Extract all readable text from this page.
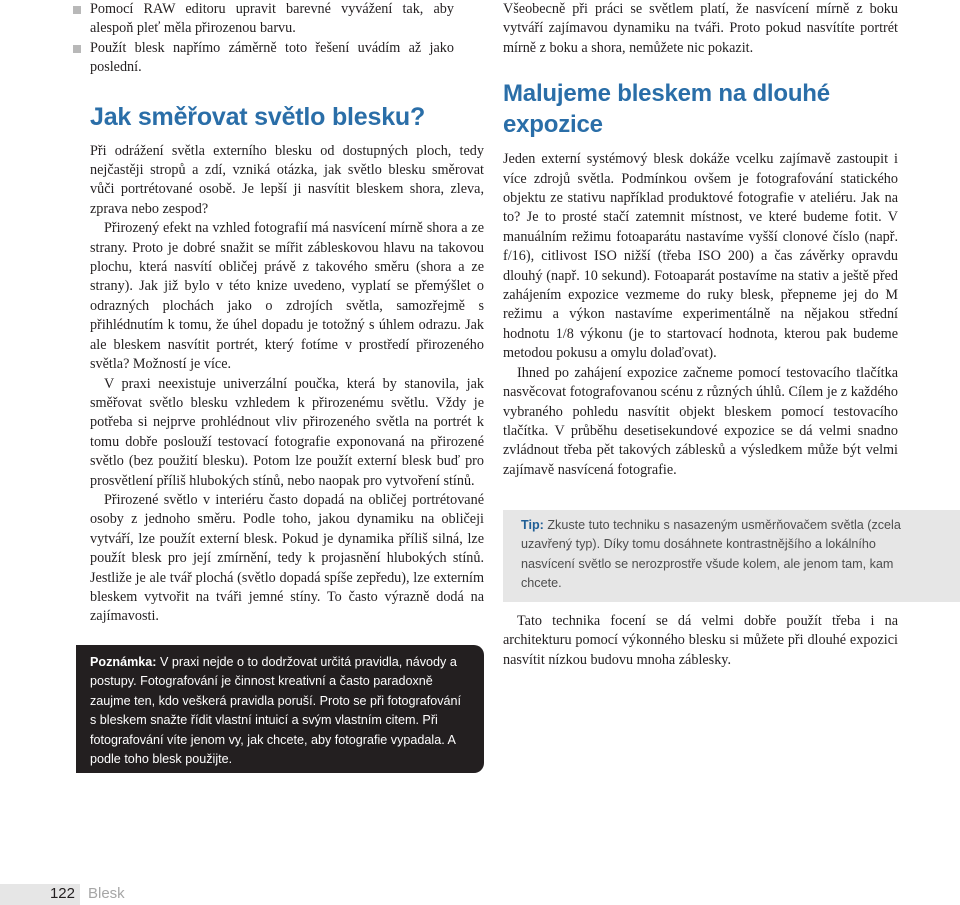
Pomocí RAW editoru upravit barevné vyvážení tak, aby alespoň pleť měla přirozenou barvu.
Použít blesk napřímo záměrně toto řešení uvádím až jako poslední.
Jak směřovat světlo blesku?

Při odrážení světla externího blesku od dostupných ploch, tedy nejčastěji stropů a zdí, vzniká otázka, jak světlo blesku směrovat vůči portrétované osobě. Je lepší ji nasvítit bleskem shora, zleva, zprava nebo zespod?

Přirozený efekt na vzhled fotografií má nasvícení mírně shora a ze strany. Proto je dobré snažit se mířit zábleskovou hlavu na takovou plochu, která nasvítí obličej právě z takového směru (shora a ze strany). Jak již bylo v této knize uvedeno, vyplatí se přemýšlet o odrazných plochách jako o zdrojích světla, samozřejmě s přihlédnutím k tomu, že úhel dopadu je totožný s úhlem odrazu. Jak ale bleskem nasvítit portrét, který fotíme v prostředí přirozeného světla? Možností je více.

V praxi neexistuje univerzální poučka, která by stanovila, jak směřovat světlo blesku vzhledem k přirozenému světlu. Vždy je potřeba si nejprve prohlédnout vliv přirozeného světla na portrét k tomu dobře poslouží testovací fotografie exponovaná na přirozené světlo (bez použití blesku). Potom lze použít externí blesk buď pro prosvětlení příliš hlubokých stínů, nebo naopak pro vytvoření stínů.

Přirozené světlo v interiéru často dopadá na obličej portrétované osoby z jednoho směru. Podle toho, jakou dynamiku na obličeji vytváří, lze použít externí blesk. Pokud je dynamika příliš silná, lze použít blesk pro její zmírnění, tedy k projasnění hlubokých stínů. Jestliže je ale tvář plochá (světlo dopadá spíše zepředu), lze externím bleskem vytvořit na tváři jemné stíny. To často výrazně dodá na zajímavosti.

Poznámka: V praxi nejde o to dodržovat určitá pravidla, návody a postupy. Fotografování je činnost kreativní a často paradoxně zaujme ten, kdo veškerá pravidla poruší. Proto se při fotografování s bleskem snažte řídit vlastní intuicí a svým vlastním citem. Při fotografování víte jenom vy, jak chcete, aby fotografie vypadala. A podle toho blesk použijte.

Všeobecně při práci se světlem platí, že nasvícení mírně z boku vytváří zajímavou dynamiku na tváři. Proto pokud nasvítíte portrét mírně z boku a shora, nemůžete nic pokazit.

Malujeme bleskem na dlouhé expozice

Jeden externí systémový blesk dokáže vcelku zajímavě zastoupit i více zdrojů světla. Podmínkou ovšem je fotografování statického objektu ze stativu například produktové fotografie v ateliéru. Jak na to? Je to prosté stačí zatemnit místnost, ve které budeme fotit. V manuálním režimu fotoaparátu nastavíme vyšší clonové číslo (např. f/16), citlivost ISO nižší (třeba ISO 200) a čas závěrky opravdu dlouhý (např. 10 sekund). Fotoaparát postavíme na stativ a ještě před zahájením expozice vezmeme do ruky blesk, přepneme jej do M režimu a výkon nastavíme experimentálně na nějakou střední hodnotu 1/8 výkonu (je to startovací hodnota, kterou pak budeme metodou pokusu a omylu dolaďovat).

Ihned po zahájení expozice začneme pomocí testovacího tlačítka nasvěcovat fotografovanou scénu z různých úhlů. Cílem je z každého vybraného pohledu nasvítit objekt bleskem pomocí testovacího tlačítka. V průběhu desetisekundové expozice se dá velmi snadno zvládnout třeba pět takových záblesků a výsledkem může být velmi zajímavě nasvícená fotografie.

Tip: Zkuste tuto techniku s nasazeným usměrňovačem světla (zcela uzavřený typ). Díky tomu dosáhnete kontrastnějšího a lokálního nasvícení světlo se nerozprostře všude kolem, ale jenom tam, kam chcete.

Tato technika focení se dá velmi dobře použít třeba i na architekturu pomocí výkonného blesku si můžete při dlouhé expozici nasvítit nízkou budovu mnoha záblesky.

122 Blesk
